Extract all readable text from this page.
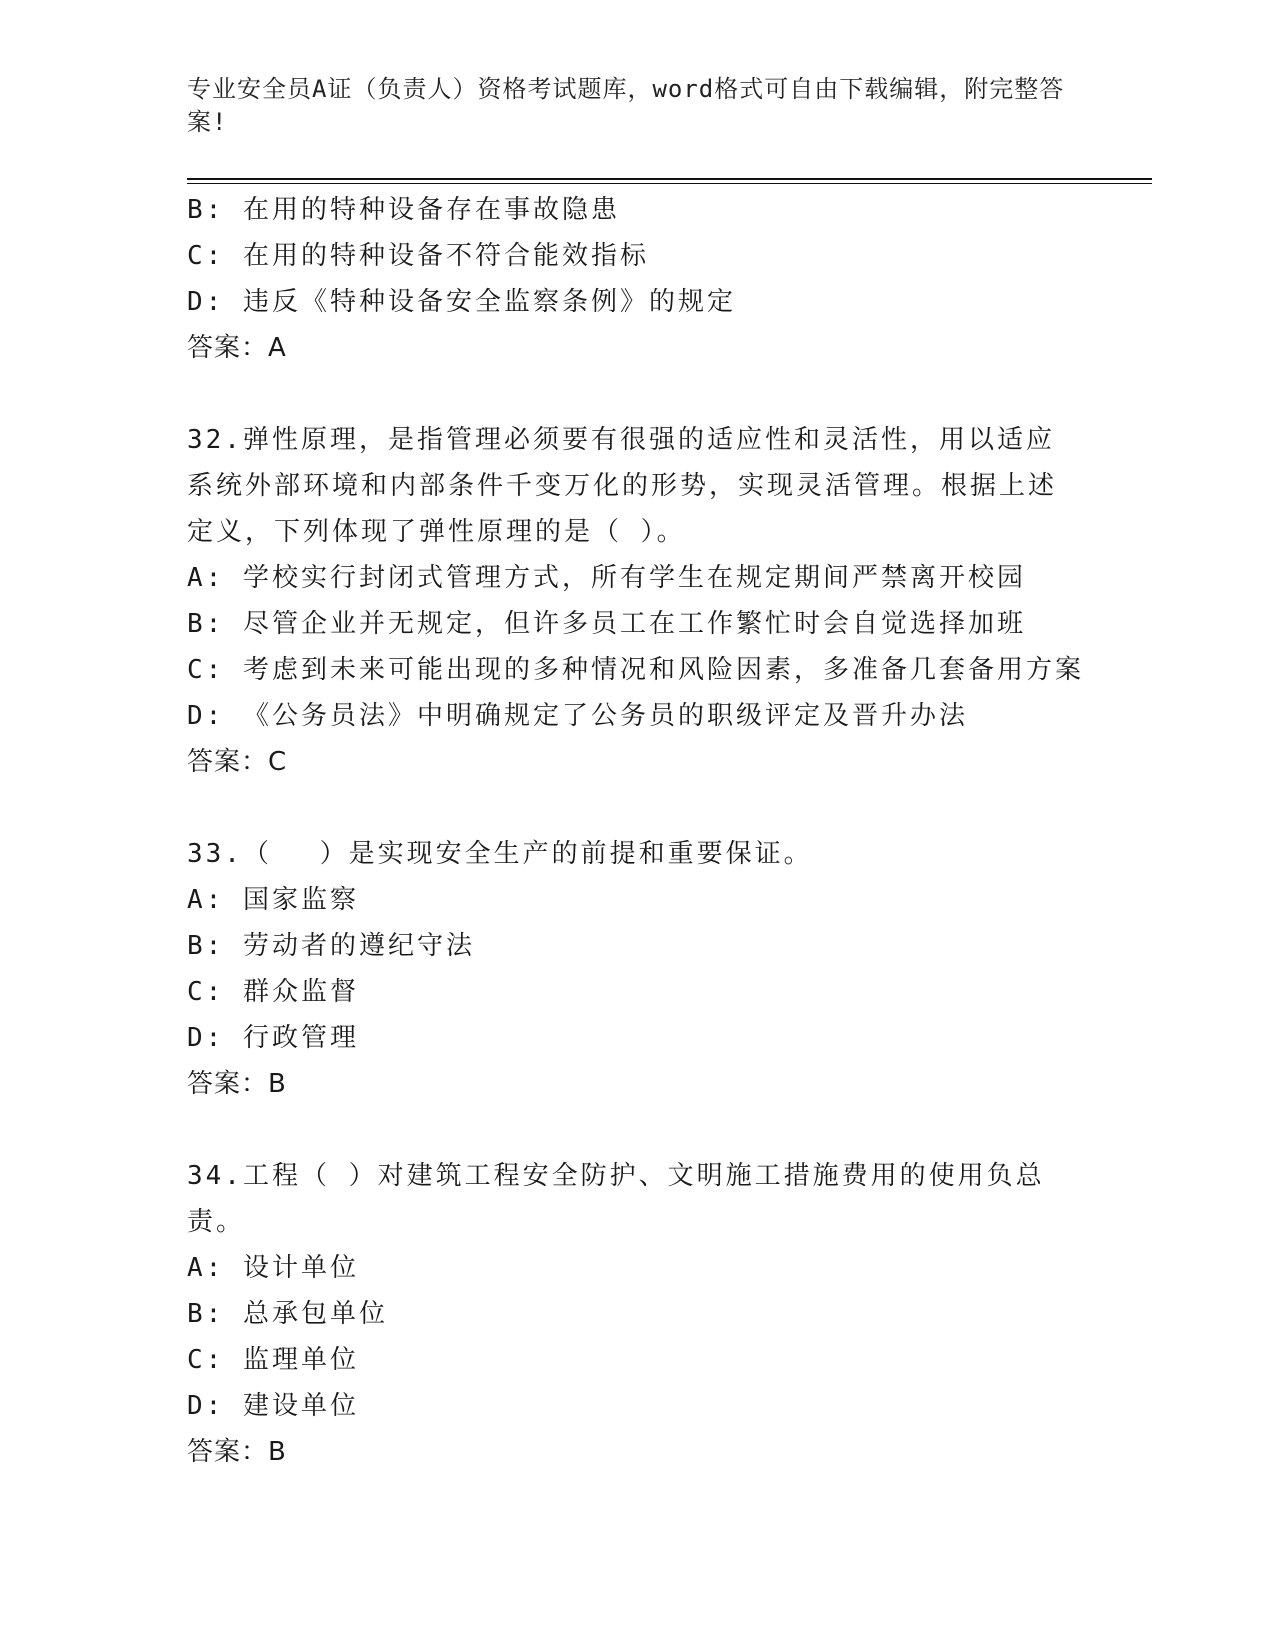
专业安全员A证（负责人）资格考试题库，word格式可自由下载编辑，附完整答案!
B: 在用的特种设备存在事故隐患
C: 在用的特种设备不符合能效指标
D: 违反《特种设备安全监察条例》的规定
答案：A
32.弹性原理，是指管理必须要有很强的适应性和灵活性，用以适应系统外部环境和内部条件千变万化的形势，实现灵活管理。根据上述定义，下列体现了弹性原理的是（ ）。
A: 学校实行封闭式管理方式，所有学生在规定期间严禁离开校园
B: 尽管企业并无规定，但许多员工在工作繁忙时会自觉选择加班
C: 考虑到未来可能出现的多种情况和风险因素，多准备几套备用方案
D: 《公务员法》中明确规定了公务员的职级评定及晋升办法
答案：C
33.（　 ）是实现安全生产的前提和重要保证。
A: 国家监察
B: 劳动者的遵纪守法
C: 群众监督
D: 行政管理
答案：B
34.工程（ ）对建筑工程安全防护、文明施工措施费用的使用负总责。
A: 设计单位
B: 总承包单位
C: 监理单位
D: 建设单位
答案：B
